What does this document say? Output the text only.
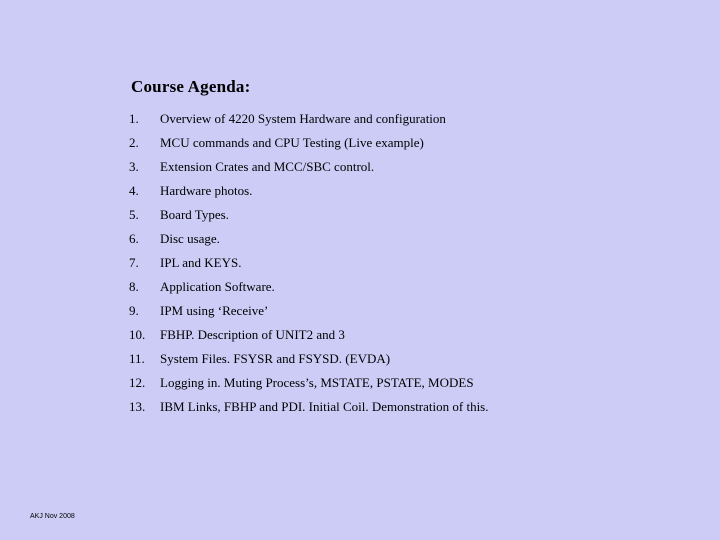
Course Agenda:
1.	Overview of 4220 System Hardware and configuration
2.	MCU commands and CPU Testing (Live example)
3.	Extension Crates and MCC/SBC control.
4.	Hardware photos.
5.	Board Types.
6.	Disc usage.
7.	IPL and KEYS.
8.	Application Software.
9.	IPM using ‘Receive’
10.	FBHP. Description of UNIT2 and 3
11.	System Files. FSYSR and FSYSD. (EVDA)
12.	Logging in. Muting Process’s, MSTATE, PSTATE, MODES
13.	IBM Links, FBHP and PDI. Initial Coil. Demonstration of this.
AKJ Nov 2008
